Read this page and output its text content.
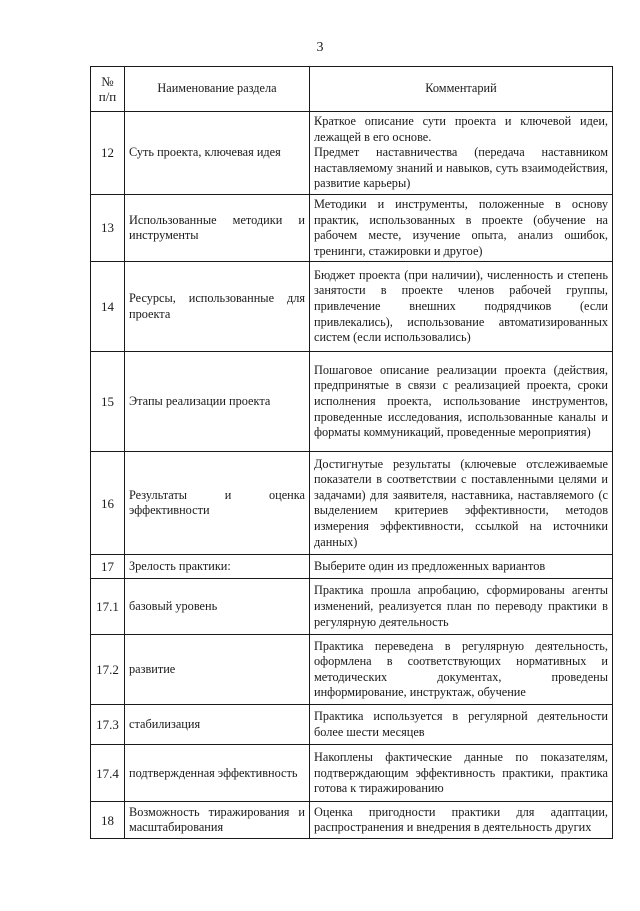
3
№
п/п	Наименование раздела	Комментарий
12	Суть проекта, ключевая идея	Краткое описание сути проекта и ключевой идеи, лежащей в его основе.

Предмет наставничества (передача наставником наставляемому знаний и навыков, суть взаимодействия, развитие карьеры)

13	Использованные методики и инструменты	Методики и инструменты, положенные в основу практик, использованных в проекте (обучение на рабочем месте, изучение опыта, анализ ошибок, тренинги, стажировки и другое)

14	Ресурсы, использованные для проекта	Бюджет проекта (при наличии), численность и степень занятости в проекте членов рабочей группы, привлечение внешних подрядчиков (если привлекались), использование автоматизированных систем (если использовались)

15	Этапы реализации проекта	Пошаговое описание реализации проекта (действия, предпринятые в связи с реализацией проекта, сроки исполнения проекта, использование инструментов, проведенные исследования, использованные каналы и форматы коммуникаций, проведенные мероприятия)

16	Результаты и оценка эффективности	Достигнутые результаты (ключевые отслеживаемые показатели в соответствии с поставленными целями и задачами) для заявителя, наставника, наставляемого (с выделением критериев эффективности, методов измерения эффективности, ссылкой на источники данных)

17	Зрелость практики:	Выберите один из предложенных вариантов

17.1	базовый уровень	Практика прошла апробацию, сформированы агенты изменений, реализуется план по переводу практики в регулярную деятельность

17.2	развитие	Практика переведена в регулярную деятельность, оформлена в соответствующих нормативных и методических документах, проведены информирование, инструктаж, обучение

17.3	стабилизация	Практика используется в регулярной деятельности более шести месяцев

17.4	подтвержденная эффективность	Накоплены фактические данные по показателям, подтверждающим эффективность практики, практика готова к тиражированию

18	Возможность тиражирования и масштабирования	Оценка пригодности практики для адаптации, распространения и внедрения в деятельность других
